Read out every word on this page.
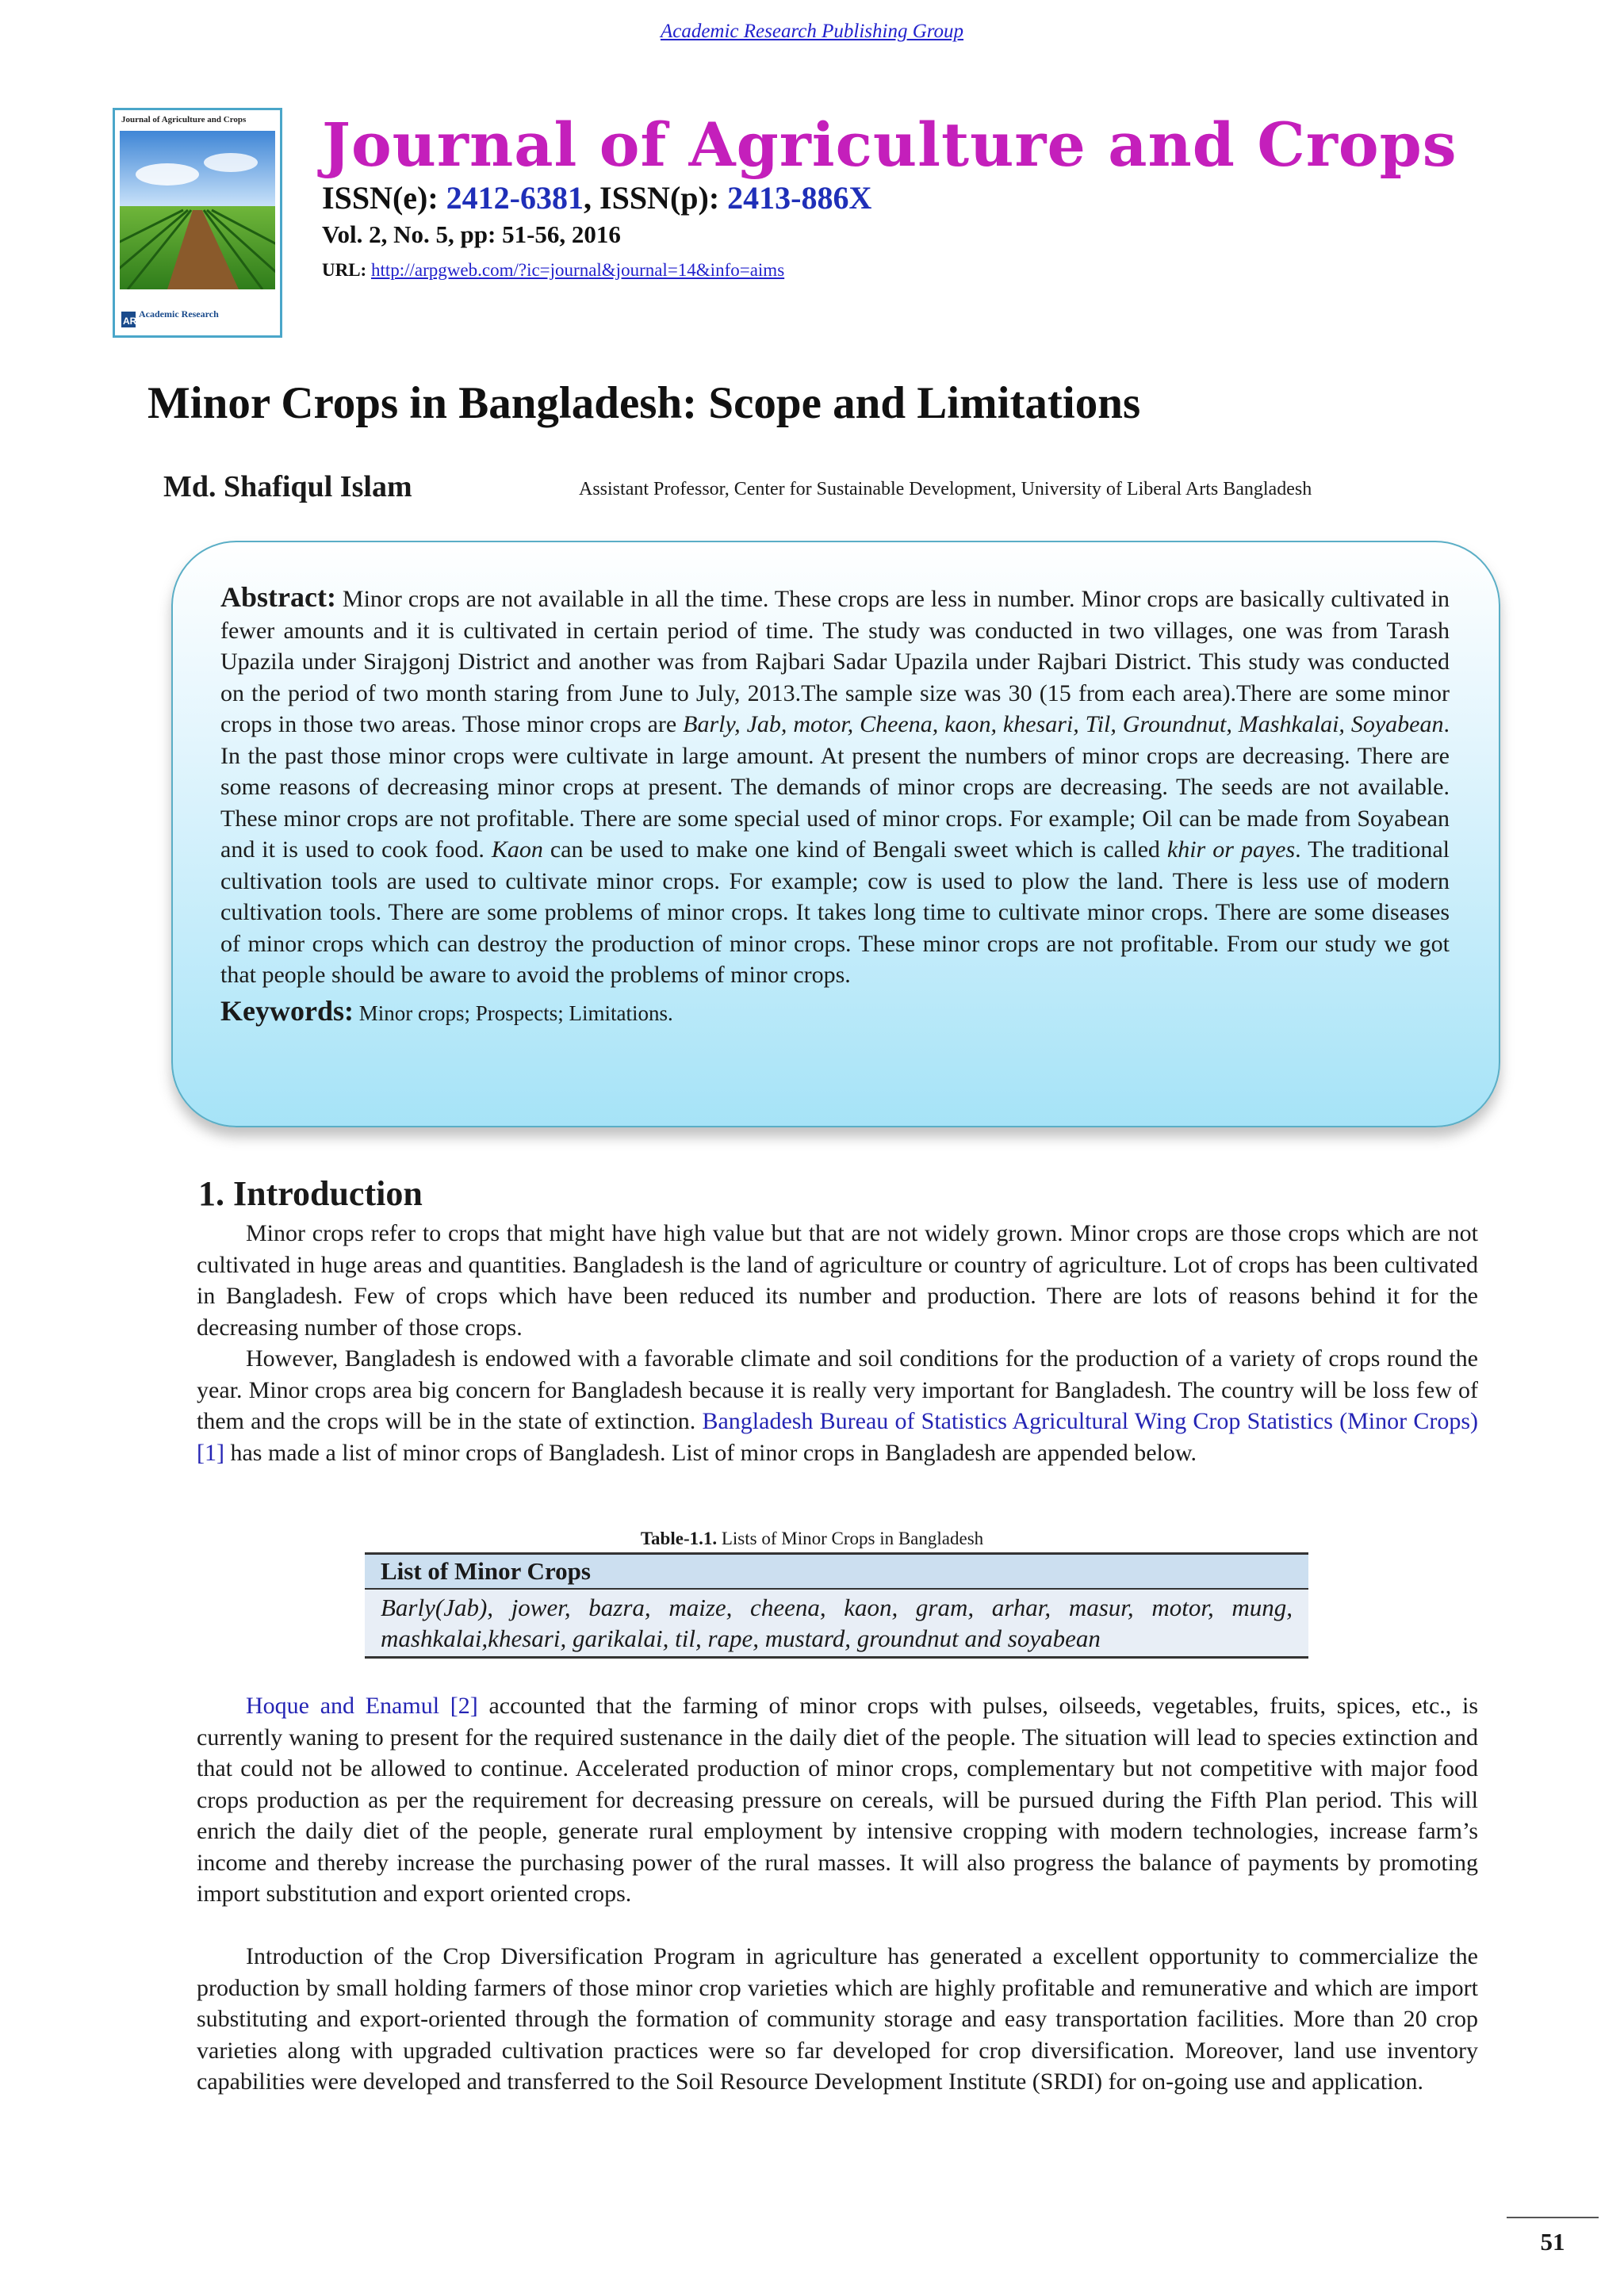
Academic Research Publishing Group
Journal of Agriculture and Crops
AR
Academic Research
Journal of Agriculture and Crops
ISSN(e): 2412-6381, ISSN(p): 2413-886X
Vol. 2, No. 5, pp: 51-56, 2016
URL: http://arpgweb.com/?ic=journal&journal=14&info=aims
Minor Crops in Bangladesh: Scope and Limitations
Md. Shafiqul Islam	Assistant Professor, Center for Sustainable Development, University of Liberal Arts Bangladesh

Abstract: Minor crops are not available in all the time. These crops are less in number. Minor crops are basically cultivated in fewer amounts and it is cultivated in certain period of time. The study was conducted in two villages, one was from Tarash Upazila under Sirajgonj District and another was from Rajbari Sadar Upazila under Rajbari District. This study was conducted on the period of two month staring from June to July, 2013.The sample size was 30 (15 from each area).There are some minor crops in those two areas. Those minor crops are Barly, Jab, motor, Cheena, kaon, khesari, Til, Groundnut, Mashkalai, Soyabean. In the past those minor crops were cultivate in large amount. At present the numbers of minor crops are decreasing. There are some reasons of decreasing minor crops at present. The demands of minor crops are decreasing. The seeds are not available. These minor crops are not profitable. There are some special used of minor crops. For example; Oil can be made from Soyabean and it is used to cook food. Kaon can be used to make one kind of Bengali sweet which is called khir or payes. The traditional cultivation tools are used to cultivate minor crops. For example; cow is used to plow the land. There is less use of modern cultivation tools. There are some problems of minor crops. It takes long time to cultivate minor crops. There are some diseases of minor crops which can destroy the production of minor crops. These minor crops are not profitable. From our study we got that people should be aware to avoid the problems of minor crops.

Keywords: Minor crops; Prospects; Limitations.

1. Introduction

Minor crops refer to crops that might have high value but that are not widely grown. Minor crops are those crops which are not cultivated in huge areas and quantities. Bangladesh is the land of agriculture or country of agriculture. Lot of crops has been cultivated in Bangladesh. Few of crops which have been reduced its number and production. There are lots of reasons behind it for the decreasing number of those crops.

However, Bangladesh is endowed with a favorable climate and soil conditions for the production of a variety of crops round the year. Minor crops area big concern for Bangladesh because it is really very important for Bangladesh. The country will be loss few of them and the crops will be in the state of extinction. Bangladesh Bureau of Statistics Agricultural Wing Crop Statistics (Minor Crops) [1] has made a list of minor crops of Bangladesh. List of minor crops in Bangladesh are appended below.

Table-1.1. Lists of Minor Crops in Bangladesh
List of Minor Crops
Barly(Jab), jower, bazra, maize, cheena, kaon, gram, arhar, masur, motor, mung, mashkalai,khesari, garikalai, til, rape, mustard, groundnut and soyabean

Hoque and Enamul [2] accounted that the farming of minor crops with pulses, oilseeds, vegetables, fruits, spices, etc., is currently waning to present for the required sustenance in the daily diet of the people. The situation will lead to species extinction and that could not be allowed to continue. Accelerated production of minor crops, complementary but not competitive with major food crops production as per the requirement for decreasing pressure on cereals, will be pursued during the Fifth Plan period. This will enrich the daily diet of the people, generate rural employment by intensive cropping with modern technologies, increase farm’s income and thereby increase the purchasing power of the rural masses. It will also progress the balance of payments by promoting import substitution and export oriented crops.

Introduction of the Crop Diversification Program in agriculture has generated a excellent opportunity to commercialize the production by small holding farmers of those minor crop varieties which are highly profitable and remunerative and which are import substituting and export-oriented through the formation of community storage and easy transportation facilities. More than 20 crop varieties along with upgraded cultivation practices were so far developed for crop diversification. Moreover, land use inventory capabilities were developed and transferred to the Soil Resource Development Institute (SRDI) for on-going use and application.

51
